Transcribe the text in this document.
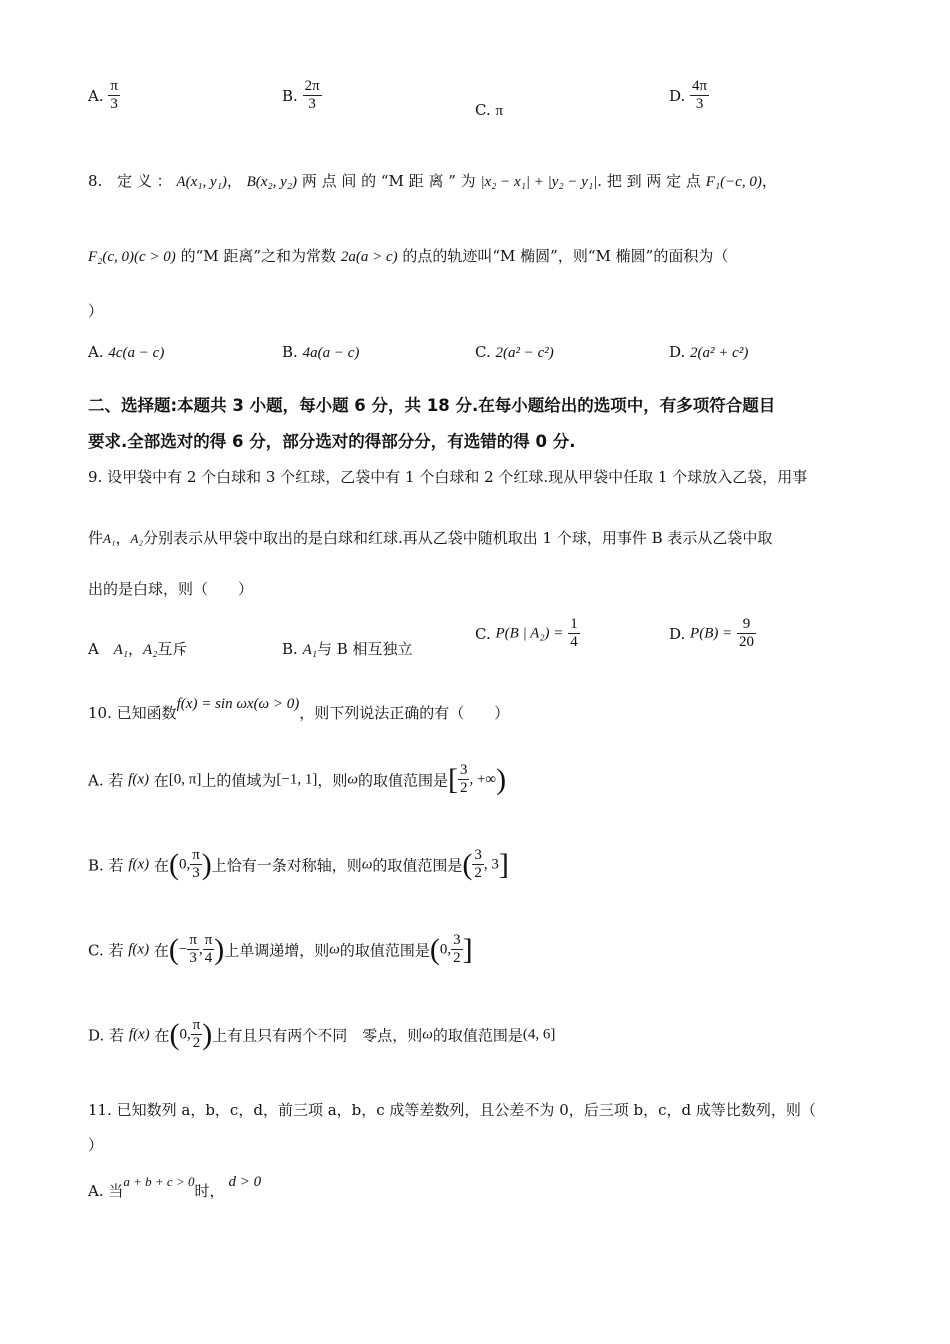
A. $\frac{\pi}{3}$	B. $\frac{2\pi}{3}$	C. π
D. $\frac{4\pi}{3}$
8. 定 义 ： A(x₁, y₁)， B(x₂, y₂) 两 点 间 的 “M 距 离 ” 为 |x₂ − x₁| + |y₂ − y₁|. 把 到 两 定 点 F₁(−c, 0)，
F₂(c, 0)(c > 0) 的“M 距离”之和为常数 2a(a > c) 的点的轨迹叫“M 椭圆”，则“M 椭圆”的面积为（
）
A. 4c(a − c)	B. 4a(a − c)	C. 2(a² − c²)	D. 2(a² + c²)
二、选择题:本题共 3 小题，每小题 6 分，共 18 分.在每小题给出的选项中，有多项符合题目
要求.全部选对的得 6 分，部分选对的得部分分，有选错的得 0 分.
9. 设甲袋中有 2 个白球和 3 个红球，乙袋中有 1 个白球和 2 个红球.现从甲袋中任取 1 个球放入乙袋，用事
件A₁，A₂分别表示从甲袋中取出的是白球和红球.再从乙袋中随机取出 1 个球，用事件 B 表示从乙袋中取
出的是白球，则（　　）
A A₁，A₂互斥	B. A₁与 B 相互独立
C. P(B | $A_2) = \frac{1}{4}$	D. $P(B) = \frac{9}{20}$
10. 已知函数f(x) = sin ωx(ω > 0)，则下列说法正确的有（　　）
A. 若 f(x) 在[0, π]上的值域为[−1, 1]，则ω的取值范围是[ $\frac{3}{2}$ , +∞)
B. 若 f(x) 在(0, $\frac{\pi}{3}$ )上恰有一条对称轴，则ω的取值范围是( $\frac{3}{2}$ , 3]
C. 若 f(x) 在(− $\frac{\pi}{3}$ , $\frac{\pi}{4}$ )上单调递增，则ω的取值范围是(0, $\frac{3}{2}$ ]
D. 若 f(x) 在(0, $\frac{\pi}{2}$ )上有且只有两个不同　零点，则ω的取值范围是(4, 6]
11. 已知数列 a，b，c，d，前三项 a，b，c 成等差数列，且公差不为 0，后三项 b，c，d 成等比数列，则（
）
A. 当a + b + c > 0时， d > 0
